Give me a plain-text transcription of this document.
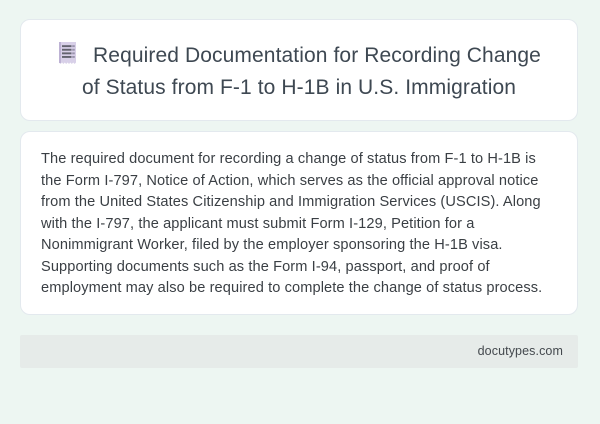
Required Documentation for Recording Change of Status from F-1 to H-1B in U.S. Immigration

The required document for recording a change of status from F-1 to H-1B is the Form I-797, Notice of Action, which serves as the official approval notice from the United States Citizenship and Immigration Services (USCIS). Along with the I-797, the applicant must submit Form I-129, Petition for a Nonimmigrant Worker, filed by the employer sponsoring the H-1B visa. Supporting documents such as the Form I-94, passport, and proof of employment may also be required to complete the change of status process.

docutypes.com
